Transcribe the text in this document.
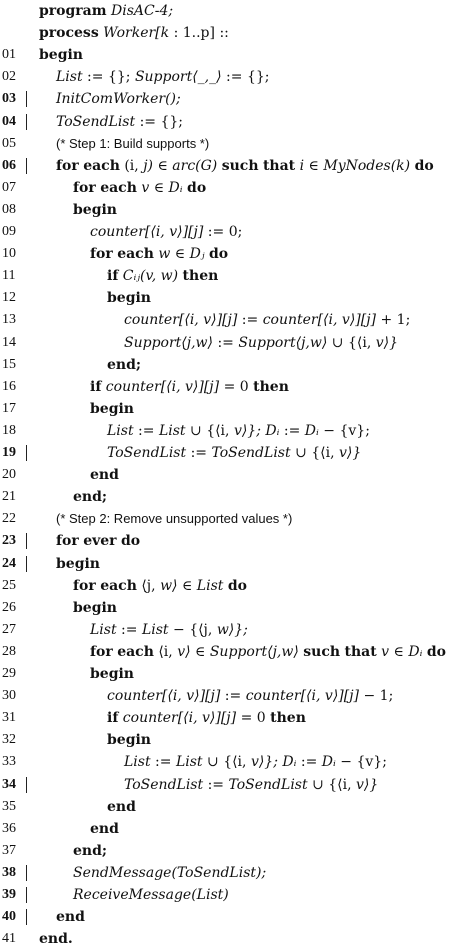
program DisAC-4;
process Worker[k : 1..p] ::
01	begin
02	List := {}; Support⟨_,_⟩ := {};
03	InitComWorker();
04	ToSendList := {};
05	(* Step 1: Build supports *)
06	for each (i, j) ∈ arc(G) such that i ∈ MyNodes(k) do
07	for each v ∈ Dᵢ do
08	begin
09	counter[⟨i, v⟩][j] := 0;
10	for each w ∈ Dⱼ do
11	if Cᵢⱼ(v, w) then
12	begin
13	counter[⟨i, v⟩][j] := counter[⟨i, v⟩][j] + 1;
14	Support⟨j,w⟩ := Support⟨j,w⟩ ∪ {⟨i, v⟩}
15	end;
16	if counter[⟨i, v⟩][j] = 0 then
17	begin
18	List := List ∪ {⟨i, v⟩}; Dᵢ := Dᵢ − {v};
19	ToSendList := ToSendList ∪ {⟨i, v⟩}
20	end
21	end;
22	(* Step 2: Remove unsupported values *)
23	for ever do
24	begin
25	for each ⟨j, w⟩ ∈ List do
26	begin
27	List := List − {⟨j, w⟩};
28	for each ⟨i, v⟩ ∈ Support⟨j,w⟩ such that v ∈ Dᵢ do
29	begin
30	counter[⟨i, v⟩][j] := counter[⟨i, v⟩][j] − 1;
31	if counter[⟨i, v⟩][j] = 0 then
32	begin
33	List := List ∪ {⟨i, v⟩}; Dᵢ := Dᵢ − {v};
34	ToSendList := ToSendList ∪ {⟨i, v⟩}
35	end
36	end
37	end;
38	SendMessage(ToSendList);
39	ReceiveMessage(List)
40	end
41	end.
